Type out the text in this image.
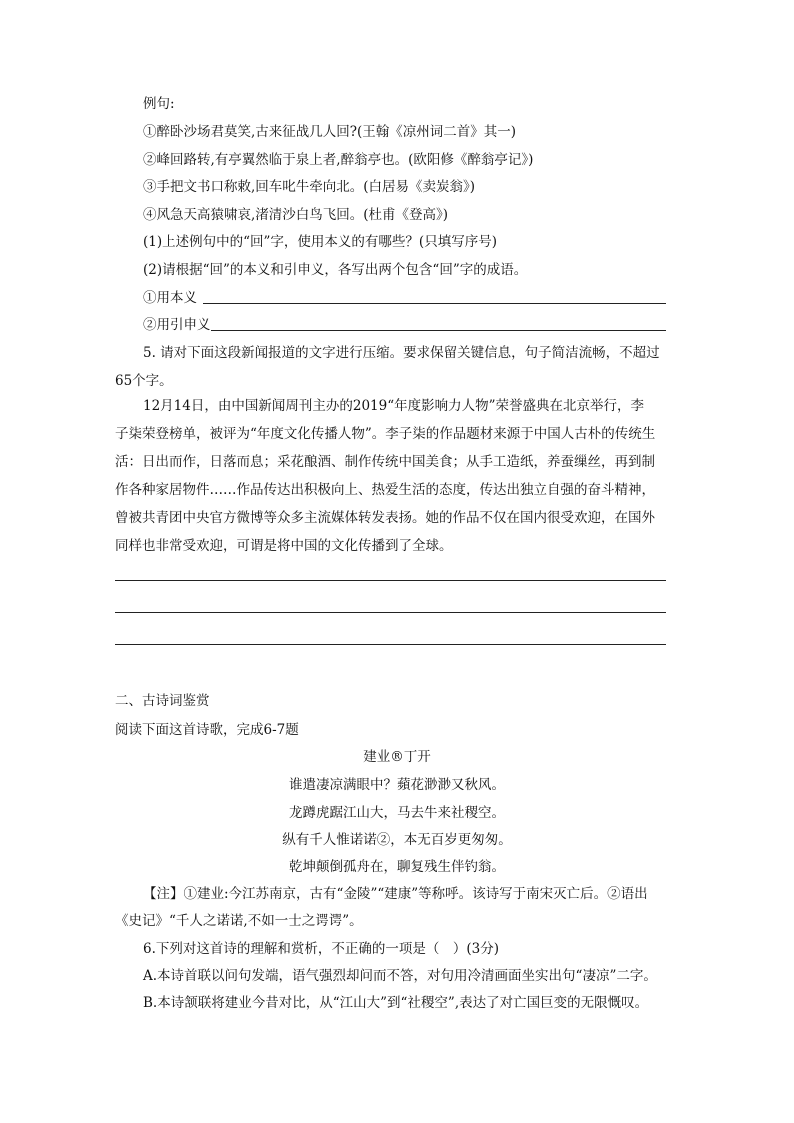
例句:
①醉卧沙场君莫笑,古来征战几人回?(王翰《凉州词二首》其一)
②峰回路转,有亭翼然临于泉上者,醉翁亭也。(欧阳修《醉翁亭记》)
③手把文书口称敕,回车叱牛牵向北。(白居易《卖炭翁》)
④风急天高猿啸哀,渚清沙白鸟飞回。(杜甫《登高》)
(1)上述例句中的“回”字，使用本义的有哪些？(只填写序号)
(2)请根据“回”的本义和引申义，各写出两个包含“回”字的成语。
①用本义
②用引申义
5. 请对下面这段新闻报道的文字进行压缩。要求保留关键信息，句子简洁流畅，不超过
65个字。
12月14日，由中国新闻周刊主办的2019“年度影响力人物”荣誉盛典在北京举行，李
子柒荣登榜单，被评为“年度文化传播人物”。李子柒的作品题材来源于中国人古朴的传统生
活：日出而作，日落而息；采花酿酒、制作传统中国美食；从手工造纸，养蚕缫丝，再到制
作各种家居物件……作品传达出积极向上、热爱生活的态度，传达出独立自强的奋斗精神，
曾被共青团中央官方微博等众多主流媒体转发表扬。她的作品不仅在国内很受欢迎，在国外
同样也非常受欢迎，可谓是将中国的文化传播到了全球。
二、古诗词鉴赏
阅读下面这首诗歌，完成6-7题
建业®丁开
谁遣凄凉满眼中？蘋花渺渺又秋风。
龙蹲虎踞江山大，马去牛来社稷空。
纵有千人惟诺诺②，本无百岁更匆匆。
乾坤颠倒孤舟在，聊复残生伴钓翁。
【注】①建业:今江苏南京，古有“金陵”“建康”等称呼。该诗写于南宋灭亡后。②语出
《史记》“千人之诺诺,不如一士之谔谔”。
6.下列对这首诗的理解和赏析，不正确的一项是（　）(3分)
A.本诗首联以问句发端，语气强烈却问而不答，对句用冷清画面坐实出句“凄凉”二字。
B.本诗颔联将建业今昔对比，从“江山大”到“社稷空”,表达了对亡国巨变的无限慨叹。
